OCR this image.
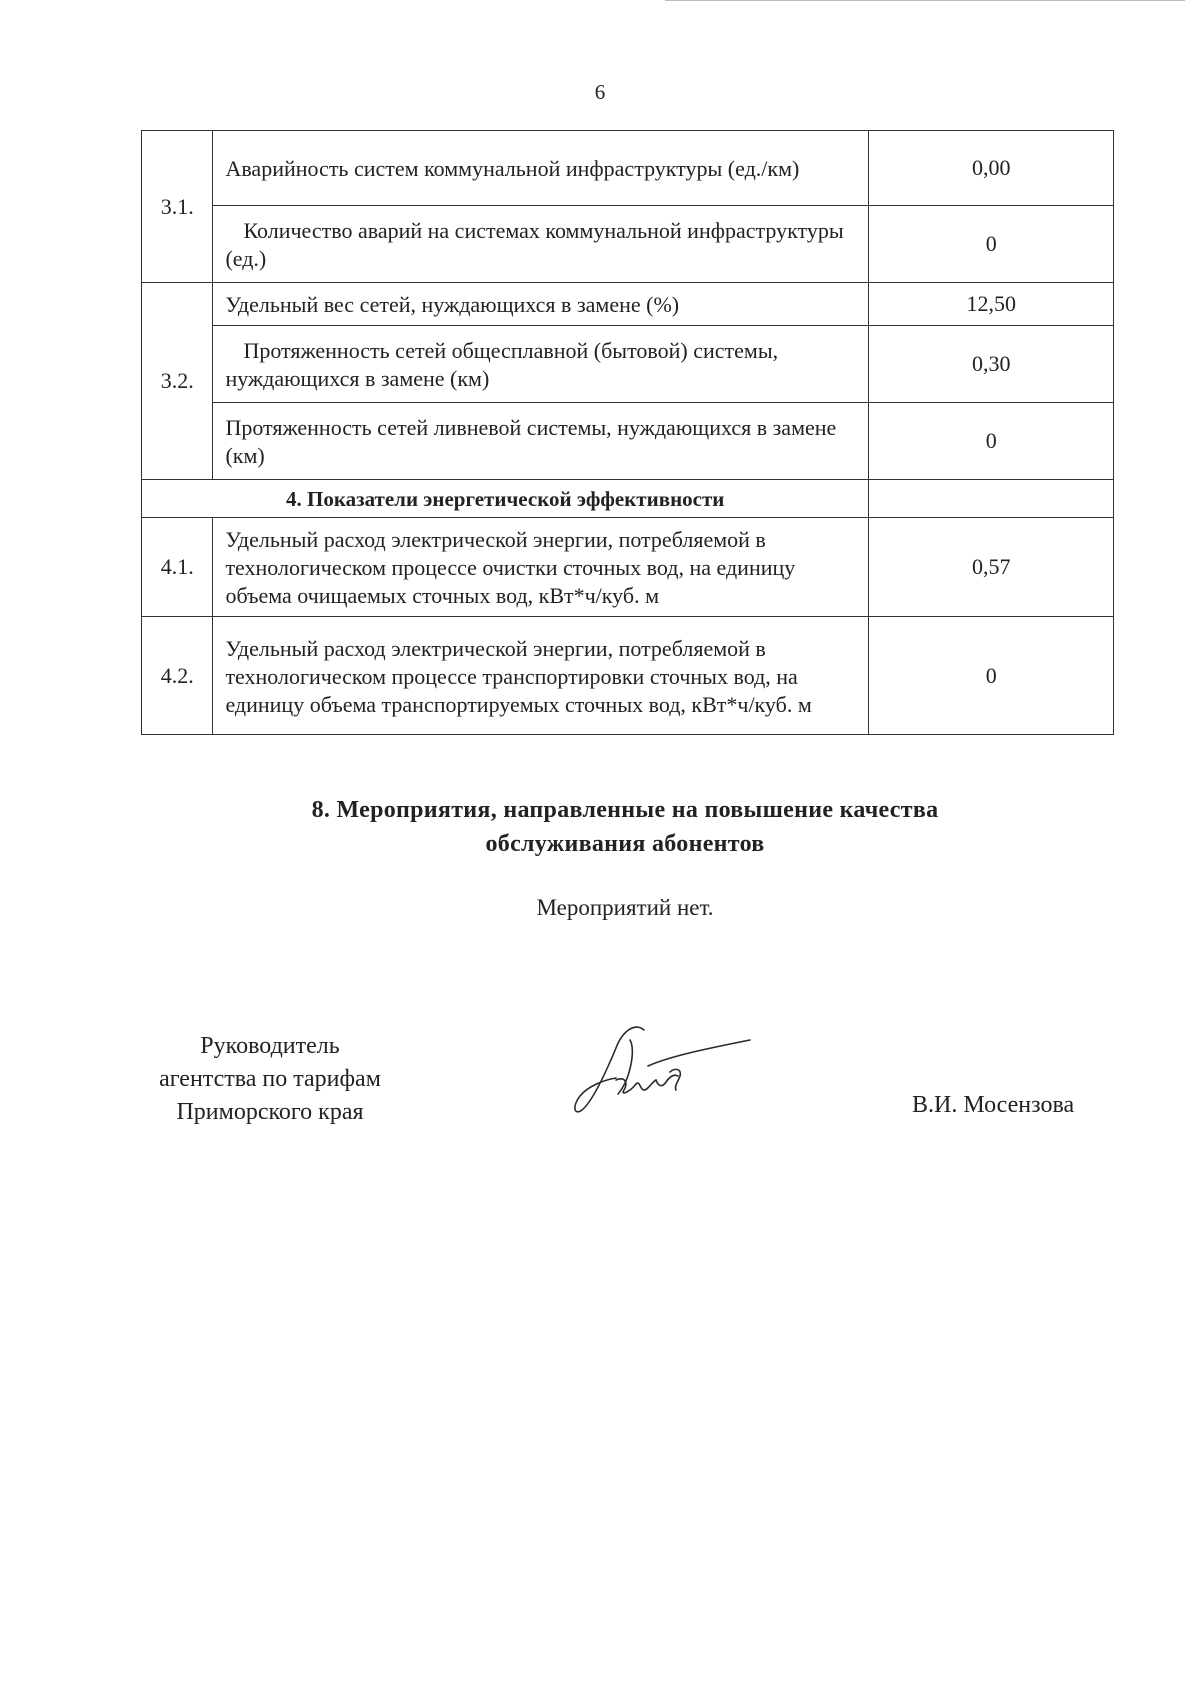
6
3.1.	Аварийность систем коммунальной инфраструктуры (ед./км)	0,00
	Количество аварий на системах коммунальной инфраструктуры (ед.)	0
3.2.	Удельный вес сетей, нуждающихся в замене (%)	12,50
	Протяженность сетей общесплавной (бытовой) системы, нуждающихся в замене (км)	0,30
	Протяженность сетей ливневой системы, нуждающихся в замене (км)	0
4. Показатели энергетической эффективности		
4.1.	Удельный расход электрической энергии, потребляемой в технологическом процессе очистки сточных вод, на единицу объема очищаемых сточных вод, кВт*ч/куб. м	0,57
4.2.	Удельный расход электрической энергии, потребляемой в технологическом процессе транспортировки сточных вод, на единицу объема транспортируемых сточных вод, кВт*ч/куб. м	0
8. Мероприятия, направленные на повышение качества
обслуживания абонентов
Мероприятий нет.
Руководитель
агентства по тарифам
Приморского края	В.И. Мосензова
